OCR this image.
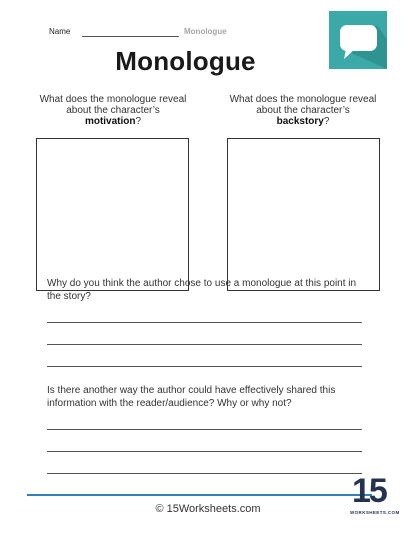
Name	Monologue
Monologue
What does the monologue reveal about the character’s
motivation?
What does the monologue reveal about the character’s
backstory?
Why do you think the author chose to use a monologue at this point in the story?
Is there another way the author could have effectively shared this information with the reader/audience? Why or why not?
© 15Worksheets.com	15
WORKSHEETS.COM
